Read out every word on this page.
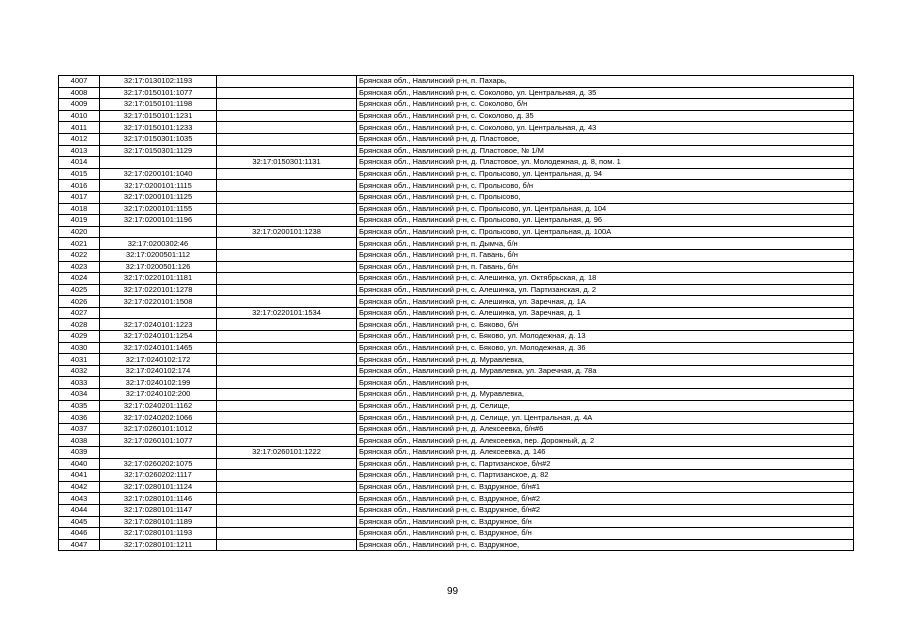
4007	32:17:0130102:1193		Брянская обл., Навлинский р-н, п. Пахарь,
4008	32:17:0150101:1077		Брянская обл., Навлинский р-н, с. Соколово, ул. Центральная, д. 35
4009	32:17:0150101:1198		Брянская обл., Навлинский р-н, с. Соколово, б/н
4010	32:17:0150101:1231		Брянская обл., Навлинский р-н, с. Соколово, д. 35
4011	32:17:0150101:1233		Брянская обл., Навлинский р-н, с. Соколово, ул. Центральная, д. 43
4012	32:17:0150301:1035		Брянская обл., Навлинский р-н, д. Пластовое,
4013	32:17:0150301:1129		Брянская обл., Навлинский р-н, д. Пластовое, № 1/М
4014		32:17:0150301:1131	Брянская обл., Навлинский р-н, д. Пластовое, ул. Молодежная, д. 8, пом. 1
4015	32:17:0200101:1040		Брянская обл., Навлинский р-н, с. Пролысово, ул. Центральная, д. 94
4016	32:17:0200101:1115		Брянская обл., Навлинский р-н, с. Пролысово, б/н
4017	32:17:0200101:1125		Брянская обл., Навлинский р-н, с. Пролысово,
4018	32:17:0200101:1155		Брянская обл., Навлинский р-н, с. Пролысово, ул. Центральная, д. 104
4019	32:17:0200101:1196		Брянская обл., Навлинский р-н, с. Пролысово, ул. Центральная, д. 96
4020		32:17:0200101:1238	Брянская обл., Навлинский р-н, с. Пролысово, ул. Центральная, д. 100А
4021	32:17:0200302:46		Брянская обл., Навлинский р-н, п. Дымча, б/н
4022	32:17:0200501:112		Брянская обл., Навлинский р-н, п. Гавань, б/н
4023	32:17:0200501:126		Брянская обл., Навлинский р-н, п. Гавань, б/н
4024	32:17:0220101:1181		Брянская обл., Навлинский р-н, с. Алешинка, ул. Октябрьская, д. 18
4025	32:17:0220101:1278		Брянская обл., Навлинский р-н, с. Алешинка, ул. Партизанская, д. 2
4026	32:17:0220101:1508		Брянская обл., Навлинский р-н, с. Алешинка, ул. Заречная, д. 1А
4027		32:17:0220101:1534	Брянская обл., Навлинский р-н, с. Алешинка, ул. Заречная, д. 1
4028	32:17:0240101:1223		Брянская обл., Навлинский р-н, с. Бяково, б/н
4029	32:17:0240101:1254		Брянская обл., Навлинский р-н, с. Бяково, ул. Молодежная, д. 13
4030	32:17:0240101:1465		Брянская обл., Навлинский р-н, с. Бяково, ул. Молодежная, д. 36
4031	32:17:0240102:172		Брянская обл., Навлинский р-н, д. Муравлевка,
4032	32:17:0240102:174		Брянская обл., Навлинский р-н, д. Муравлевка, ул. Заречная, д. 78а
4033	32:17:0240102:199		Брянская обл., Навлинский р-н,
4034	32:17:0240102:200		Брянская обл., Навлинский р-н, д. Муравлевка,
4035	32:17:0240201:1162		Брянская обл., Навлинский р-н, д. Селище,
4036	32:17:0240202:1066		Брянская обл., Навлинский р-н, д. Селище, ул. Центральная, д. 4А
4037	32:17:0260101:1012		Брянская обл., Навлинский р-н, д. Алексеевка, б/н#6
4038	32:17:0260101:1077		Брянская обл., Навлинский р-н, д. Алексеевка, пер. Дорожный, д. 2
4039		32:17:0260101:1222	Брянская обл., Навлинский р-н, д. Алексеевка, д. 146
4040	32:17:0260202:1075		Брянская обл., Навлинский р-н, с. Партизанское, б/н#2
4041	32:17:0260202:1117		Брянская обл., Навлинский р-н, с. Партизанское, д. 82
4042	32:17:0280101:1124		Брянская обл., Навлинский р-н, с. Вздружное, б/н#1
4043	32:17:0280101:1146		Брянская обл., Навлинский р-н, с. Вздружное, б/н#2
4044	32:17:0280101:1147		Брянская обл., Навлинский р-н, с. Вздружное, б/н#2
4045	32:17:0280101:1189		Брянская обл., Навлинский р-н, с. Вздружное, б/н
4046	32:17:0280101:1193		Брянская обл., Навлинский р-н, с. Вздружное, б/н
4047	32:17:0280101:1211		Брянская обл., Навлинский р-н, с. Вздружное,
99
